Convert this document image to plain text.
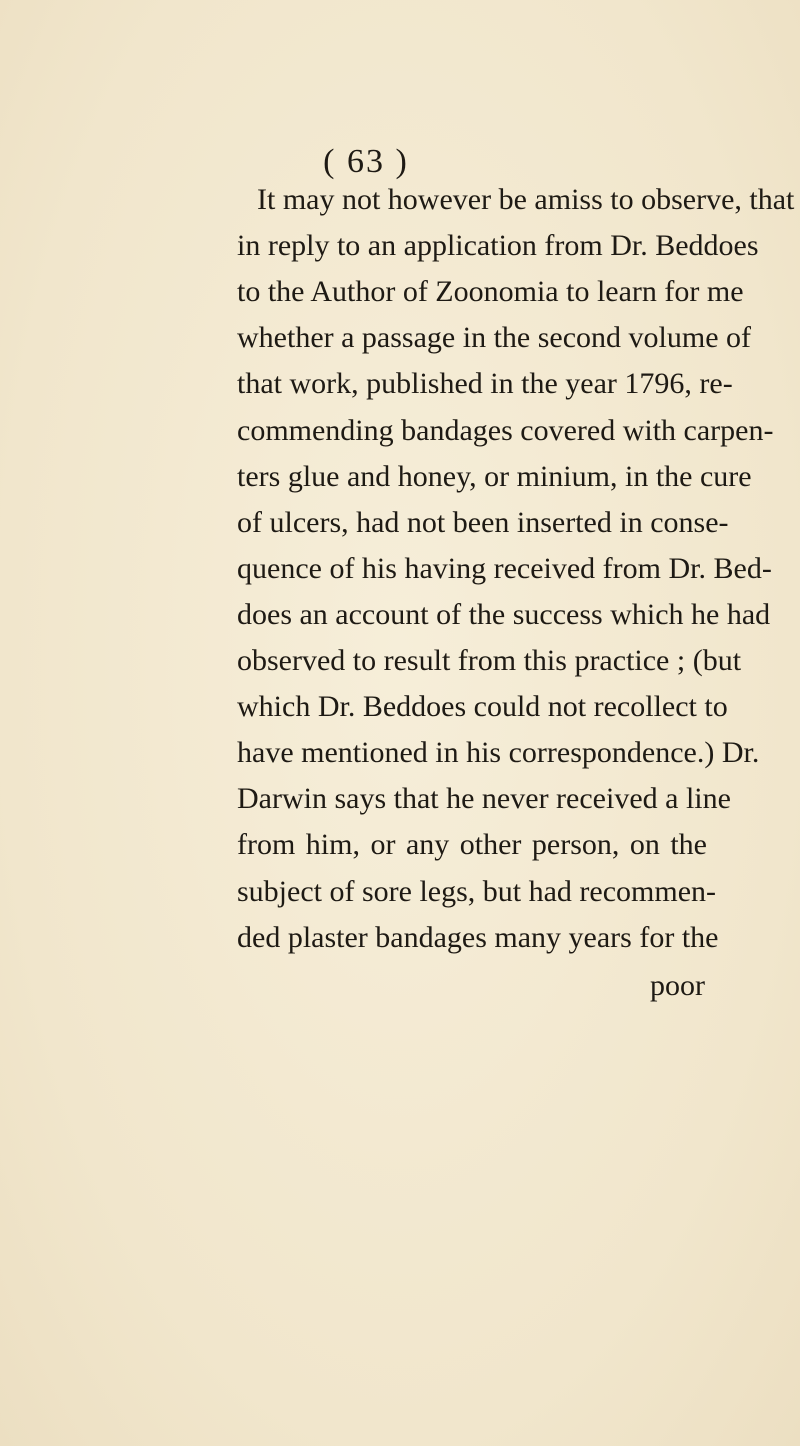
( 63 )
It may not however be amiss to observe, that
in reply to an application from Dr. Beddoes
to the Author of Zoonomia to learn for me
whether a passage in the second volume of
that work, published in the year 1796, re-
commending bandages covered with carpen-
ters glue and honey, or minium, in the cure
of ulcers, had not been inserted in conse-
quence of his having received from Dr. Bed-
does an account of the success which he had
observed to result from this practice ; (but
which Dr. Beddoes could not recollect to
have mentioned in his correspondence.) Dr.
Darwin says that he never received a line
from him, or any other person, on the
subject of sore legs, but had recommen-
ded plaster bandages many years for the
poor
